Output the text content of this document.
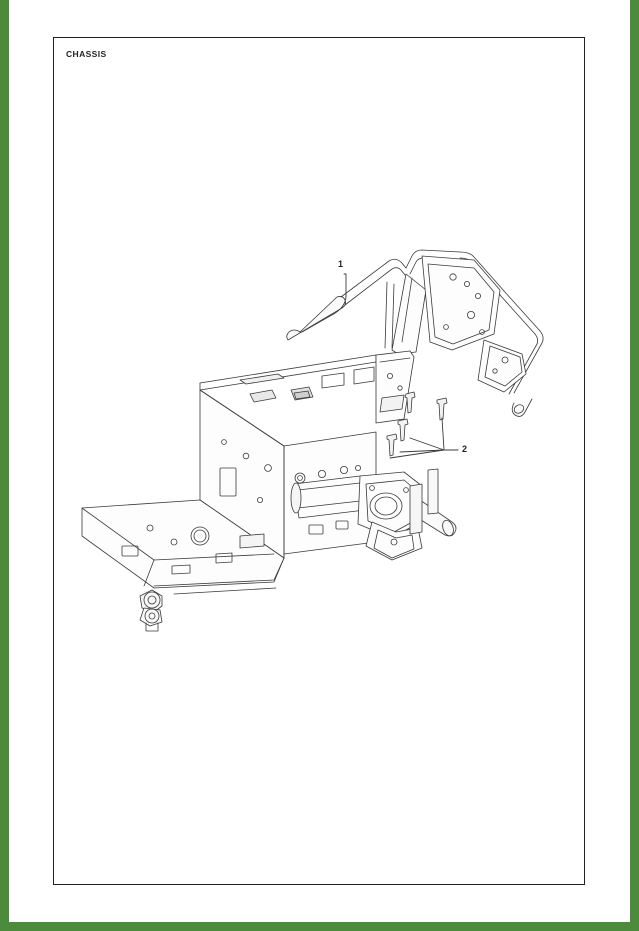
CHASSIS
1
2
